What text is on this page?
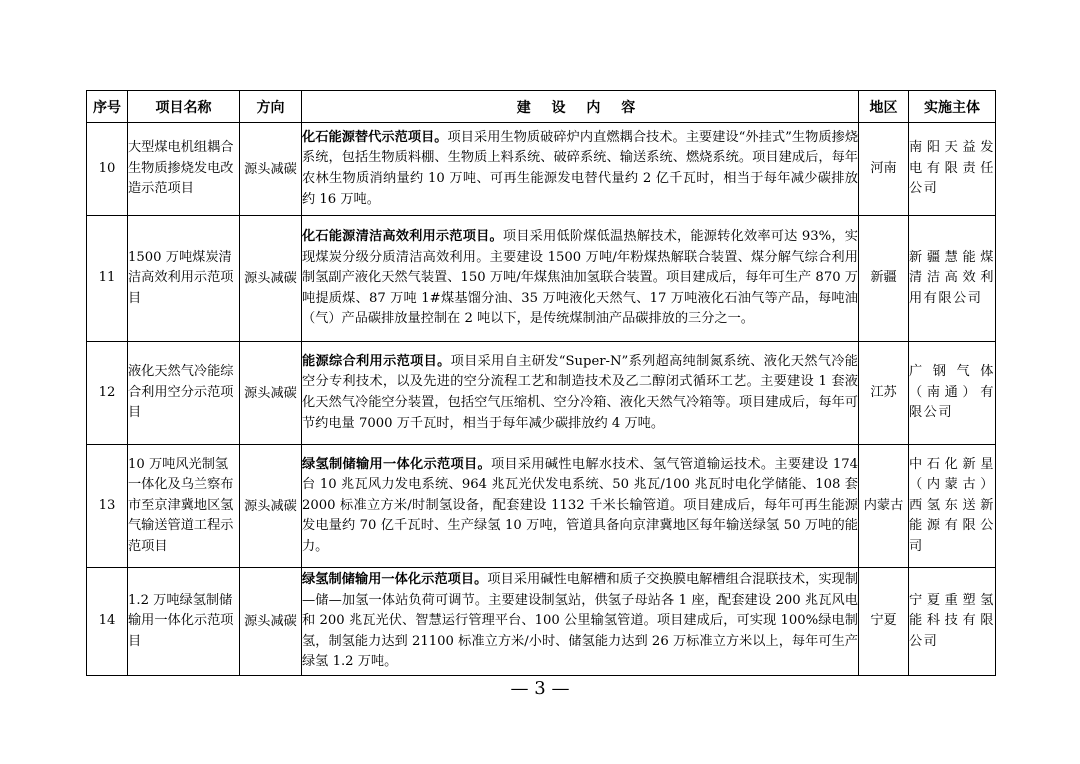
序号	项目名称	方向	建 设 内 容	地区	实施主体
10	大型煤电机组耦合生物质掺烧发电改造示范项目	源头减碳	化石能源替代示范项目。项目采用生物质破碎炉内直燃耦合技术。主要建设“外挂式”生物质掺烧系统，包括生物质料棚、生物质上料系统、破碎系统、输送系统、燃烧系统。项目建成后，每年农林生物质消纳量约 10 万吨、可再生能源发电替代量约 2 亿千瓦时，相当于每年减少碳排放约 16 万吨。	河南	南阳天益发电有限责任公司
11	1500 万吨煤炭清洁高效利用示范项目	源头减碳	化石能源清洁高效利用示范项目。项目采用低阶煤低温热解技术，能源转化效率可达 93%，实现煤炭分级分质清洁高效利用。主要建设 1500 万吨/年粉煤热解联合装置、煤分解气综合利用制氢副产液化天然气装置、150 万吨/年煤焦油加氢联合装置。项目建成后，每年可生产 870 万吨提质煤、87 万吨 1#煤基馏分油、35 万吨液化天然气、17 万吨液化石油气等产品，每吨油（气）产品碳排放量控制在 2 吨以下，是传统煤制油产品碳排放的三分之一。	新疆	新疆慧能煤清洁高效利用有限公司
12	液化天然气冷能综合利用空分示范项目	源头减碳	能源综合利用示范项目。项目采用自主研发“Super-N”系列超高纯制氮系统、液化天然气冷能空分专利技术，以及先进的空分流程工艺和制造技术及乙二醇闭式循环工艺。主要建设 1 套液化天然气冷能空分装置，包括空气压缩机、空分冷箱、液化天然气冷箱等。项目建成后，每年可节约电量 7000 万千瓦时，相当于每年减少碳排放约 4 万吨。	江苏	广钢气体（南通）有限公司
13	10 万吨风光制氢一体化及乌兰察布市至京津冀地区氢气输送管道工程示范项目	源头减碳	绿氢制储输用一体化示范项目。项目采用碱性电解水技术、氢气管道输运技术。主要建设 174 台 10 兆瓦风力发电系统、964 兆瓦光伏发电系统、50 兆瓦/100 兆瓦时电化学储能、108 套 2000 标准立方米/时制氢设备，配套建设 1132 千米长输管道。项目建成后，每年可再生能源发电量约 70 亿千瓦时、生产绿氢 10 万吨，管道具备向京津冀地区每年输送绿氢 50 万吨的能力。	内蒙古	中石化新星（内蒙古）西氢东送新能源有限公司
14	1.2 万吨绿氢制储输用一体化示范项目	源头减碳	绿氢制储输用一体化示范项目。项目采用碱性电解槽和质子交换膜电解槽组合混联技术，实现制—储—加氢一体站负荷可调节。主要建设制氢站，供氢子母站各 1 座，配套建设 200 兆瓦风电和 200 兆瓦光伏、智慧运行管理平台、100 公里输氢管道。项目建成后，可实现 100%绿电制氢，制氢能力达到 21100 标准立方米/小时、储氢能力达到 26 万标准立方米以上，每年可生产绿氢 1.2 万吨。	宁夏	宁夏重塑氢能科技有限公司
— 3 —
